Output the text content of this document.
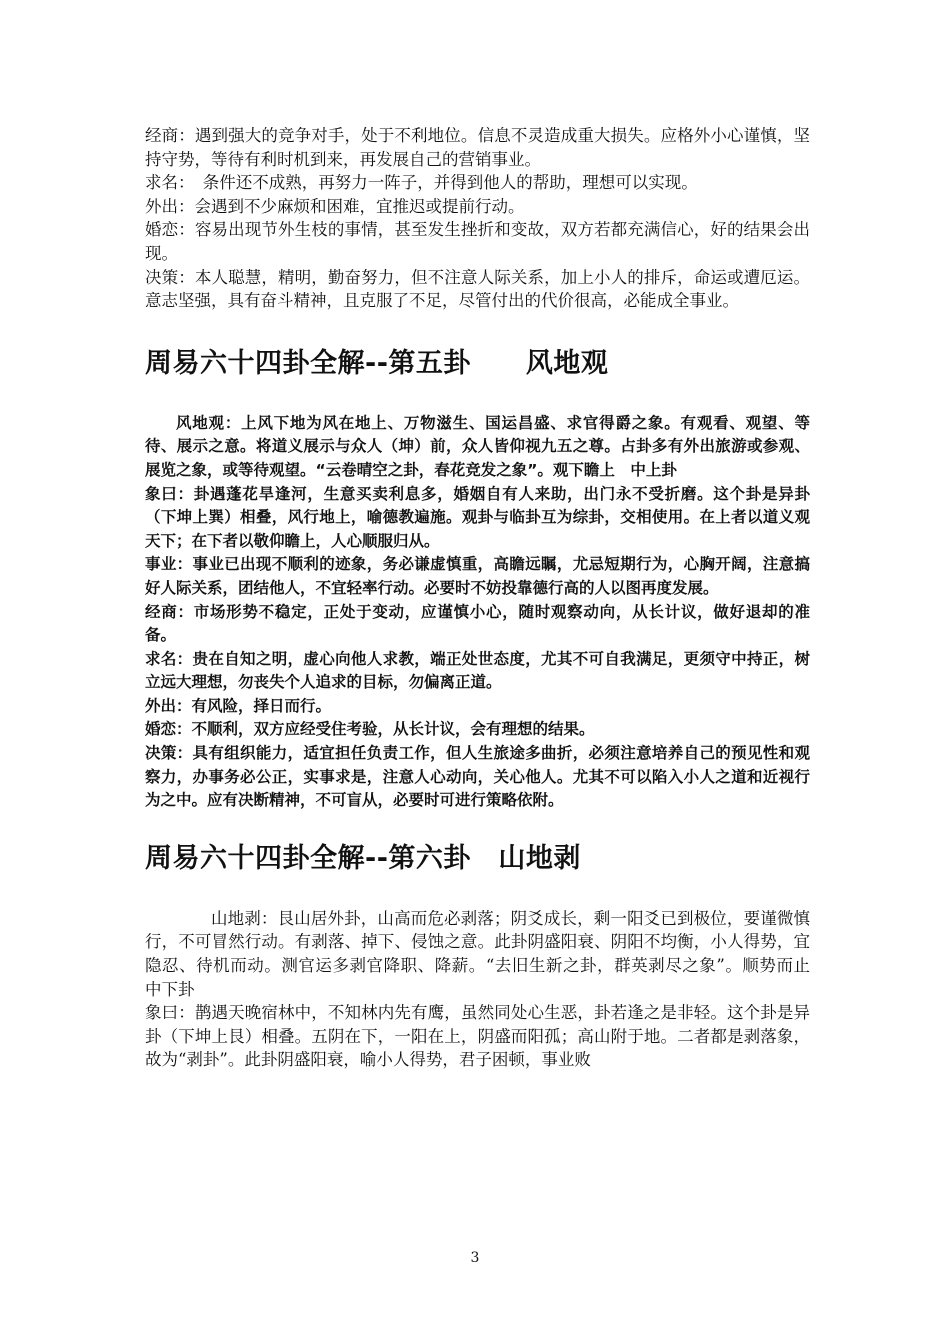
经商：遇到强大的竞争对手，处于不利地位。信息不灵造成重大损失。应格外小心谨慎，坚持守势，等待有利时机到来，再发展自己的营销事业。

求名：　条件还不成熟，再努力一阵子，并得到他人的帮助，理想可以实现。

外出：会遇到不少麻烦和困难，宜推迟或提前行动。

婚恋：容易出现节外生枝的事情，甚至发生挫折和变故，双方若都充满信心，好的结果会出现。

决策：本人聪慧，精明，勤奋努力，但不注意人际关系，加上小人的排斥，命运或遭厄运。意志坚强，具有奋斗精神，且克服了不足，尽管付出的代价很高，必能成全事业。

周易六十四卦全解--第五卦　　风地观

风地观：上风下地为风在地上、万物滋生、国运昌盛、求官得爵之象。有观看、观望、等待、展示之意。将道义展示与众人（坤）前，众人皆仰视九五之尊。占卦多有外出旅游或参观、展览之象，或等待观望。“云卷晴空之卦，春花竞发之象”。观下瞻上　中上卦

象曰：卦遇蓬花旱逢河，生意买卖利息多，婚姻自有人来助，出门永不受折磨。这个卦是异卦（下坤上巽）相叠，风行地上，喻德教遍施。观卦与临卦互为综卦，交相使用。在上者以道义观天下；在下者以敬仰瞻上，人心顺服归从。

事业：事业已出现不顺利的迹象，务必谦虚慎重，高瞻远瞩，尤忌短期行为，心胸开阔，注意搞好人际关系，团结他人，不宜轻率行动。必要时不妨投靠德行高的人以图再度发展。

经商：市场形势不稳定，正处于变动，应谨慎小心，随时观察动向，从长计议，做好退却的准备。

求名：贵在自知之明，虚心向他人求教，端正处世态度，尤其不可自我满足，更须守中持正，树立远大理想，勿丧失个人追求的目标，勿偏离正道。

外出：有风险，择日而行。

婚恋：不顺利，双方应经受住考验，从长计议，会有理想的结果。

决策：具有组织能力，适宜担任负责工作，但人生旅途多曲折，必须注意培养自己的预见性和观察力，办事务必公正，实事求是，注意人心动向，关心他人。尤其不可以陷入小人之道和近视行为之中。应有决断精神，不可盲从，必要时可进行策略依附。

周易六十四卦全解--第六卦　山地剥

山地剥：艮山居外卦，山高而危必剥落；阴爻成长，剩一阳爻已到极位，要谨微慎行，不可冒然行动。有剥落、掉下、侵蚀之意。此卦阴盛阳衰、阴阳不均衡，小人得势，宜隐忍、待机而动。测官运多剥官降职、降薪。“去旧生新之卦，群英剥尽之象”。顺势而止　中下卦

象曰：鹊遇天晚宿林中，不知林内先有鹰，虽然同处心生恶，卦若逢之是非轻。这个卦是异卦（下坤上艮）相叠。五阴在下，一阳在上，阴盛而阳孤；高山附于地。二者都是剥落象，故为“剥卦”。此卦阴盛阳衰，喻小人得势，君子困顿，事业败

3
